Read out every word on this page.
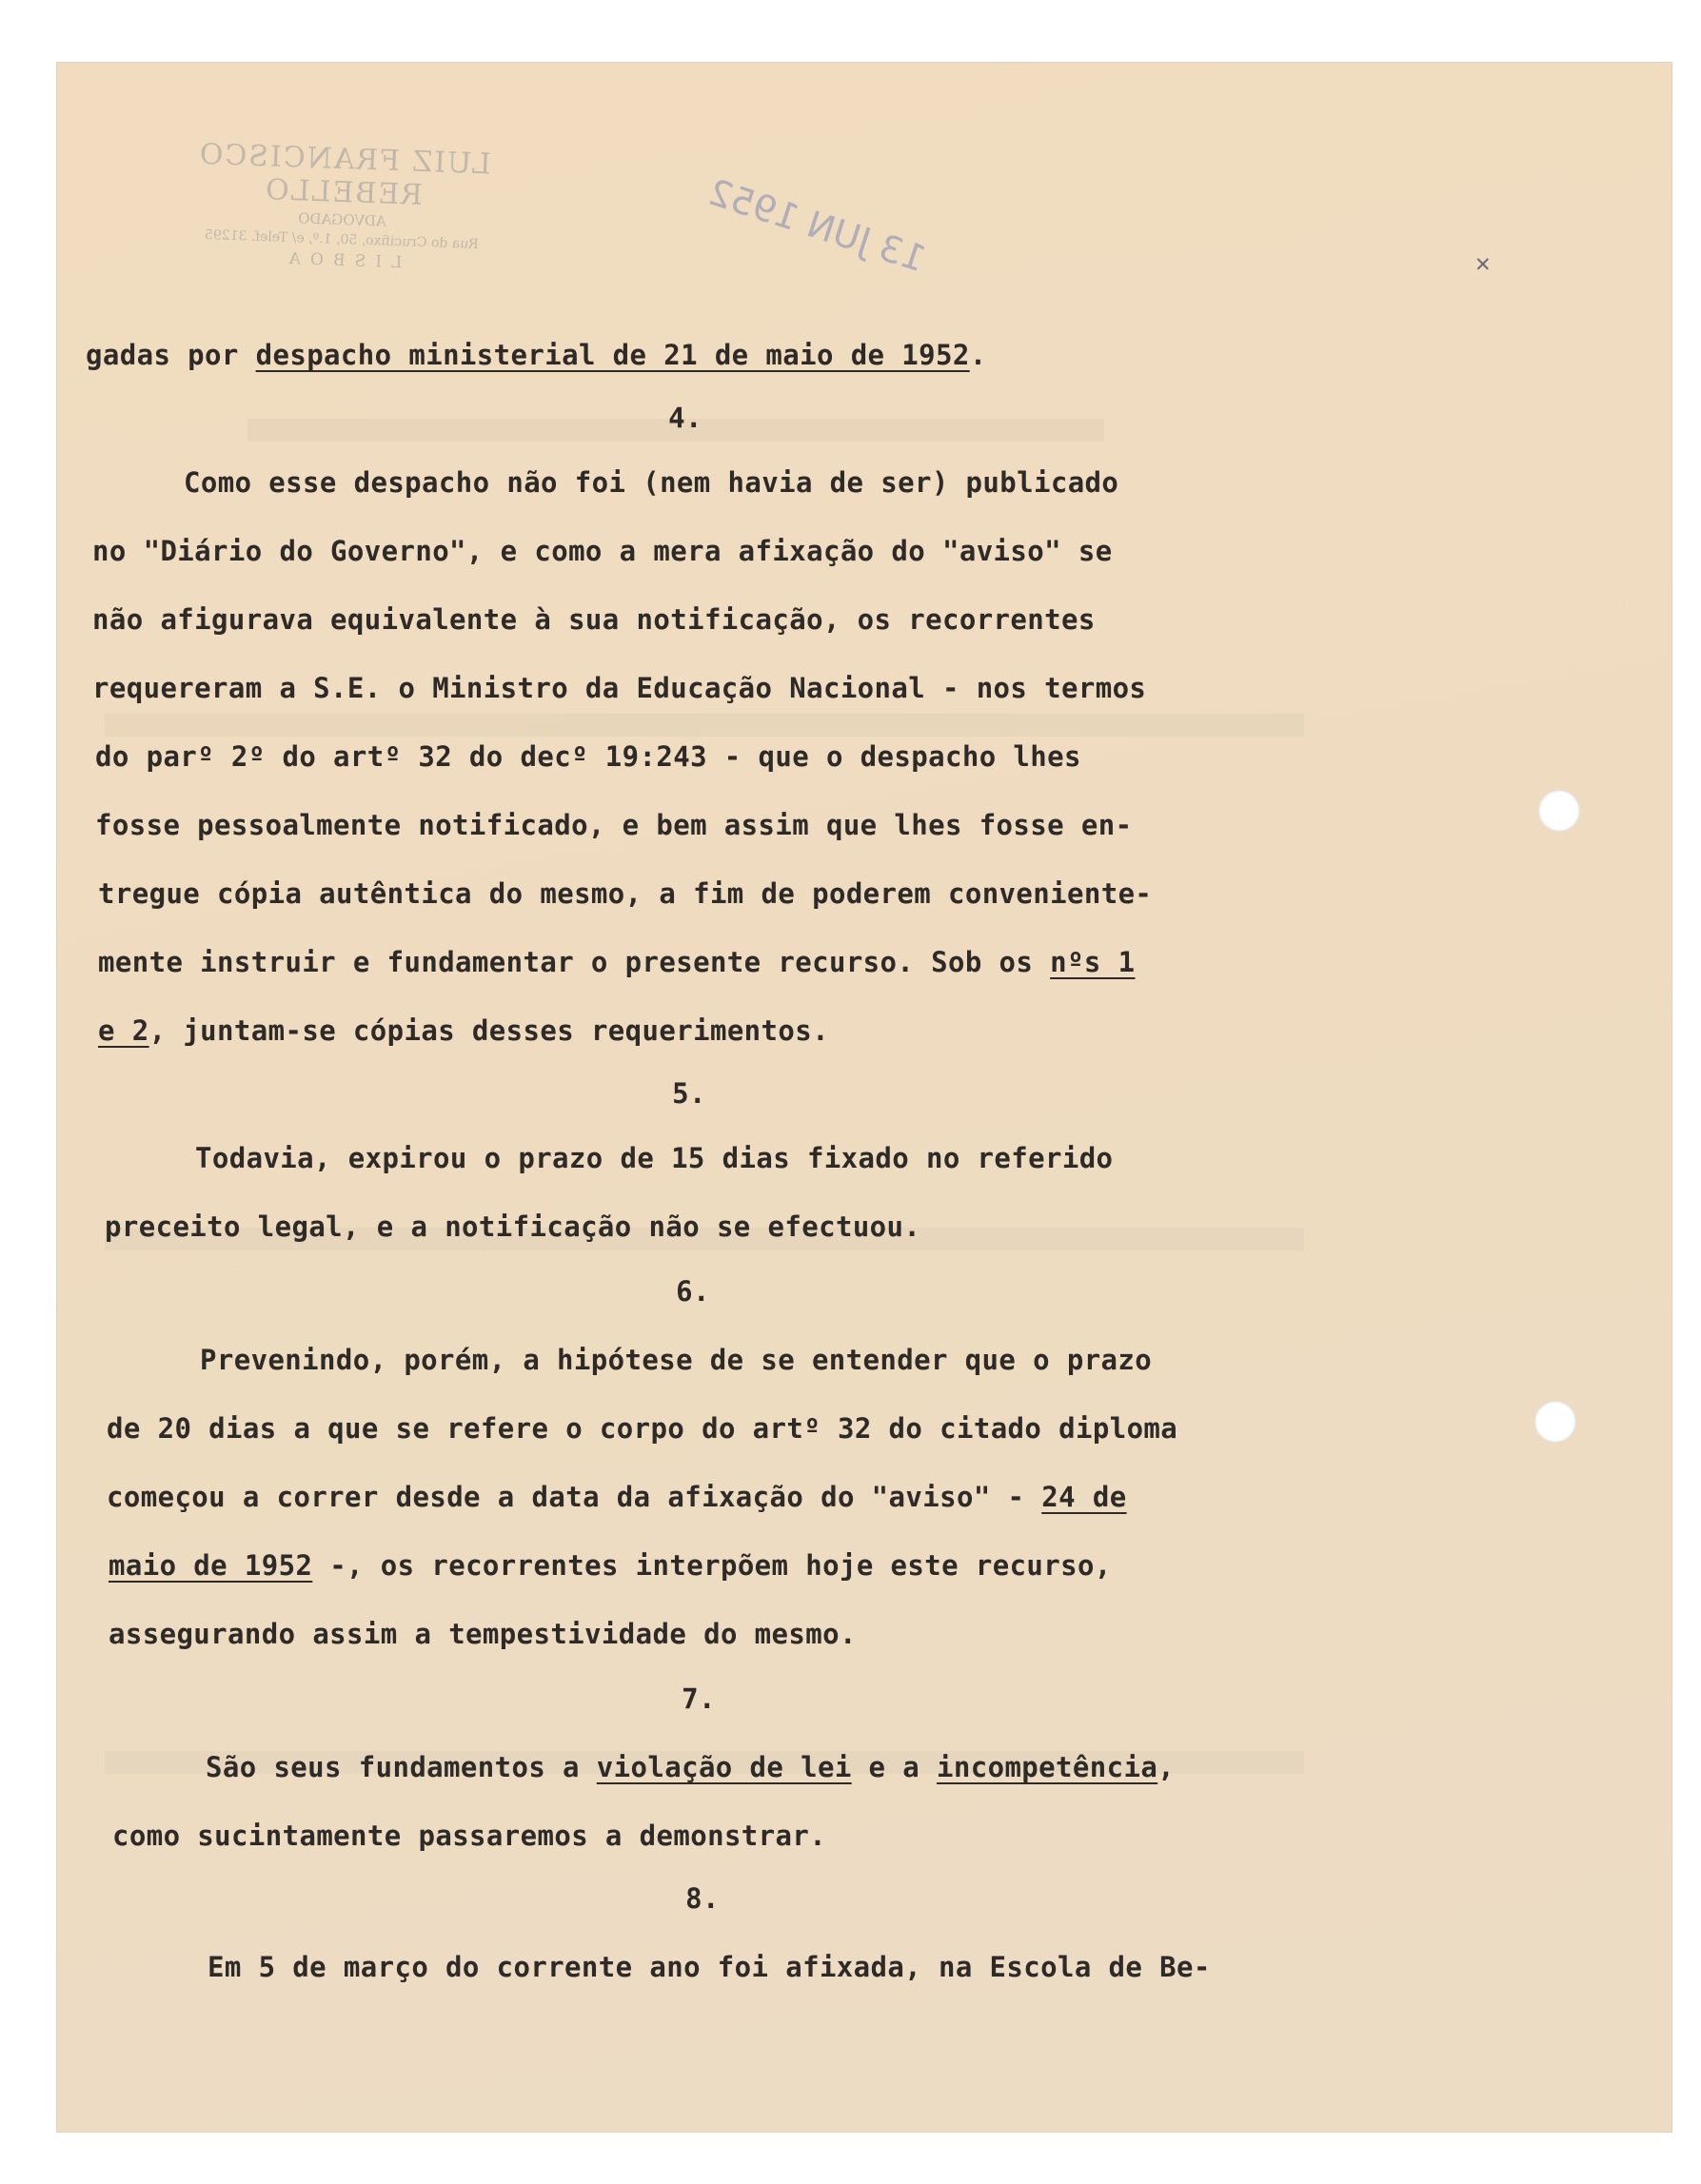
LUIZ FRANCISCO REBELLO
ADVOGADO
Rua do Crucifixo, 50, 1.º, e/ Telef. 31295
LISBOA	13 JUN 1952	✕
gadas por despacho ministerial de 21 de maio de 1952.
4.
Como esse despacho não foi (nem havia de ser) publicado
no "Diário do Governo", e como a mera afixação do "aviso" se
não afigurava equivalente à sua notificação, os recorrentes
requereram a S.E. o Ministro da Educação Nacional - nos termos
do parº 2º do artº 32 do decº 19:243 - que o despacho lhes
fosse pessoalmente notificado, e bem assim que lhes fosse en-
tregue cópia autêntica do mesmo, a fim de poderem conveniente-
mente instruir e fundamentar o presente recurso. Sob os nºs 1
e 2, juntam-se cópias desses requerimentos.
5.
Todavia, expirou o prazo de 15 dias fixado no referido
preceito legal, e a notificação não se efectuou.
6.
Prevenindo, porém, a hipótese de se entender que o prazo
de 20 dias a que se refere o corpo do artº 32 do citado diploma
começou a correr desde a data da afixação do "aviso" - 24 de
maio de 1952 -, os recorrentes interpõem hoje este recurso,
assegurando assim a tempestividade do mesmo.
7.
São seus fundamentos a violação de lei e a incompetência,
como sucintamente passaremos a demonstrar.
8.
Em 5 de março do corrente ano foi afixada, na Escola de Be-
